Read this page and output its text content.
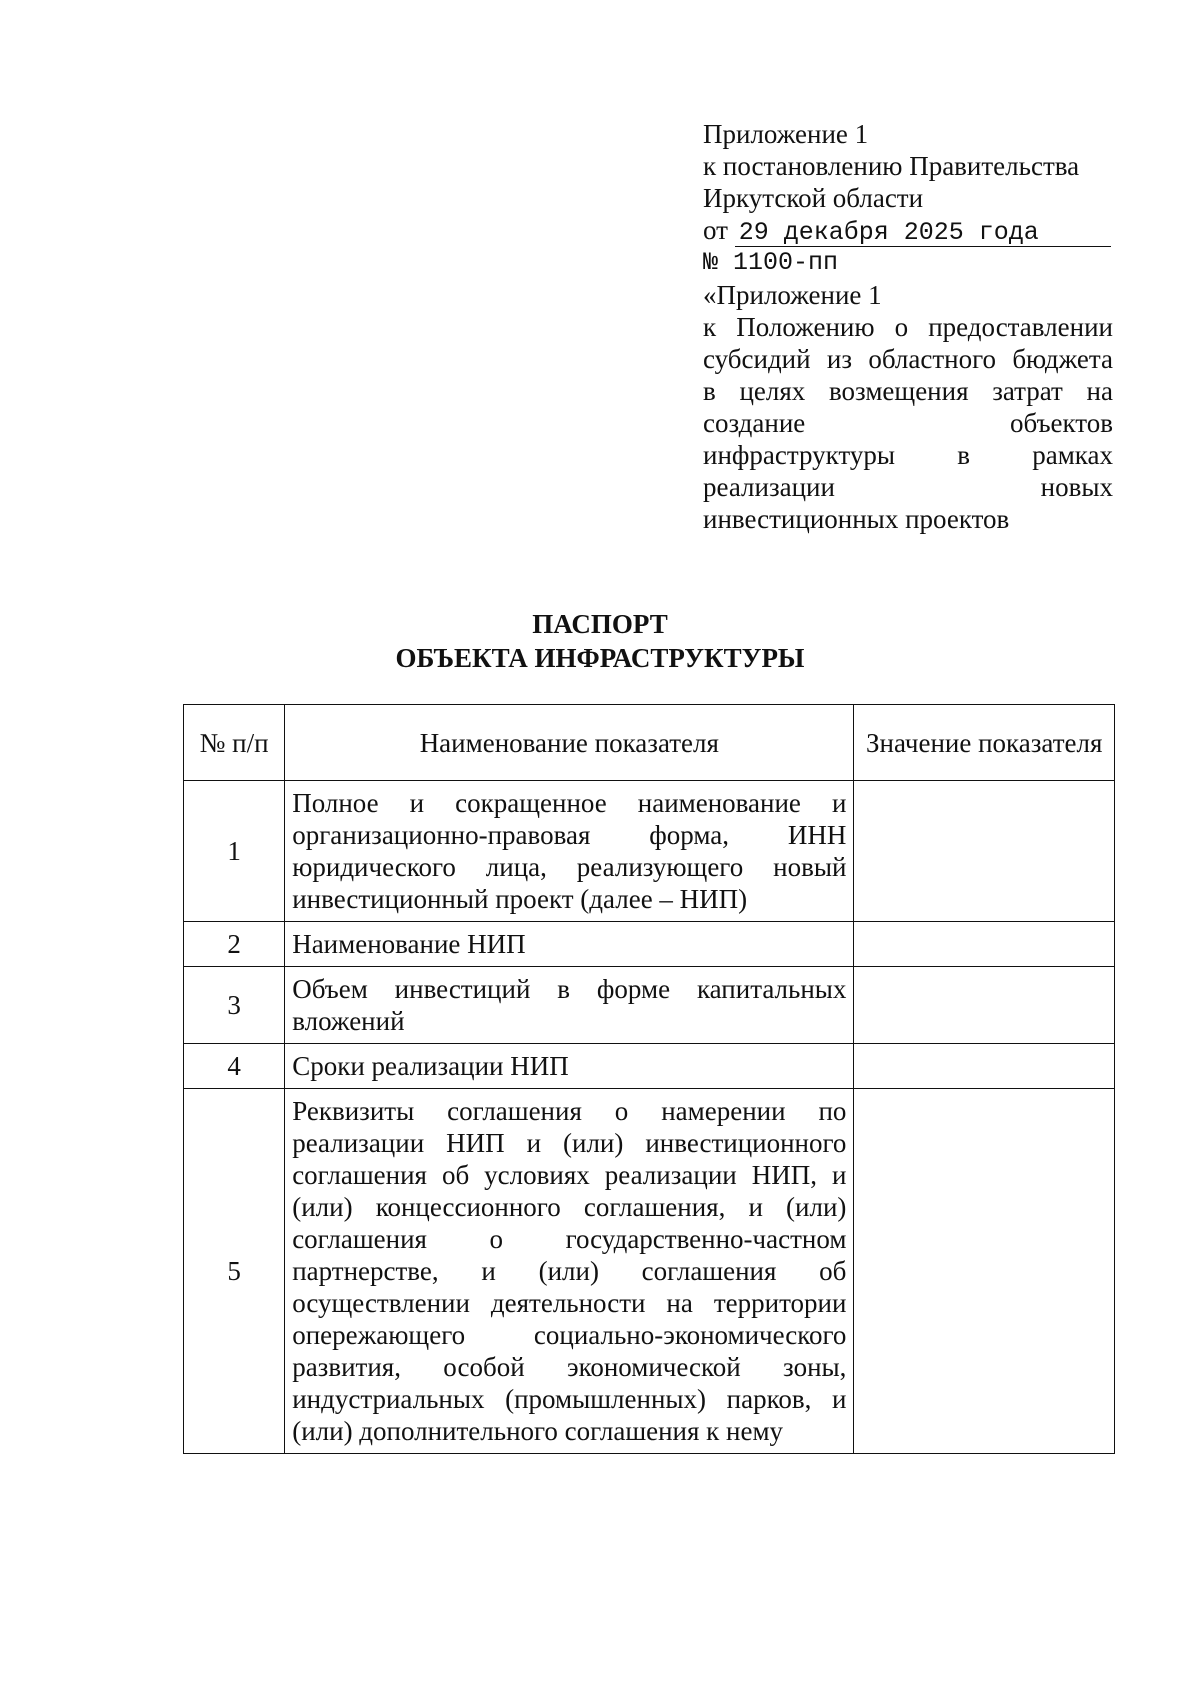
Приложение 1
к постановлению Правительства
Иркутской области
от 29 декабря 2025 года
№ 1100-пп
«Приложение 1
к Положению о предоставлении
субсидий из областного бюджета
в целях возмещения затрат на
создание объектов
инфраструктуры в рамках
реализации новых
инвестиционных проектов
ПАСПОРТ
ОБЪЕКТА ИНФРАСТРУКТУРЫ
№ п/п	Наименование показателя	Значение показателя
1	Полное и сокращенное наименование и организационно-правовая форма, ИНН юридического лица, реализующего новый инвестиционный проект (далее – НИП)	
2	Наименование НИП	
3	Объем инвестиций в форме капитальных вложений	
4	Сроки реализации НИП	
5	Реквизиты соглашения о намерении по реализации НИП и (или) инвестиционного соглашения об условиях реализации НИП, и (или) концессионного соглашения, и (или) соглашения о государственно-частном партнерстве, и (или) соглашения об осуществлении деятельности на территории опережающего социально-экономического развития, особой экономической зоны, индустриальных (промышленных) парков, и (или) дополнительного соглашения к нему	
